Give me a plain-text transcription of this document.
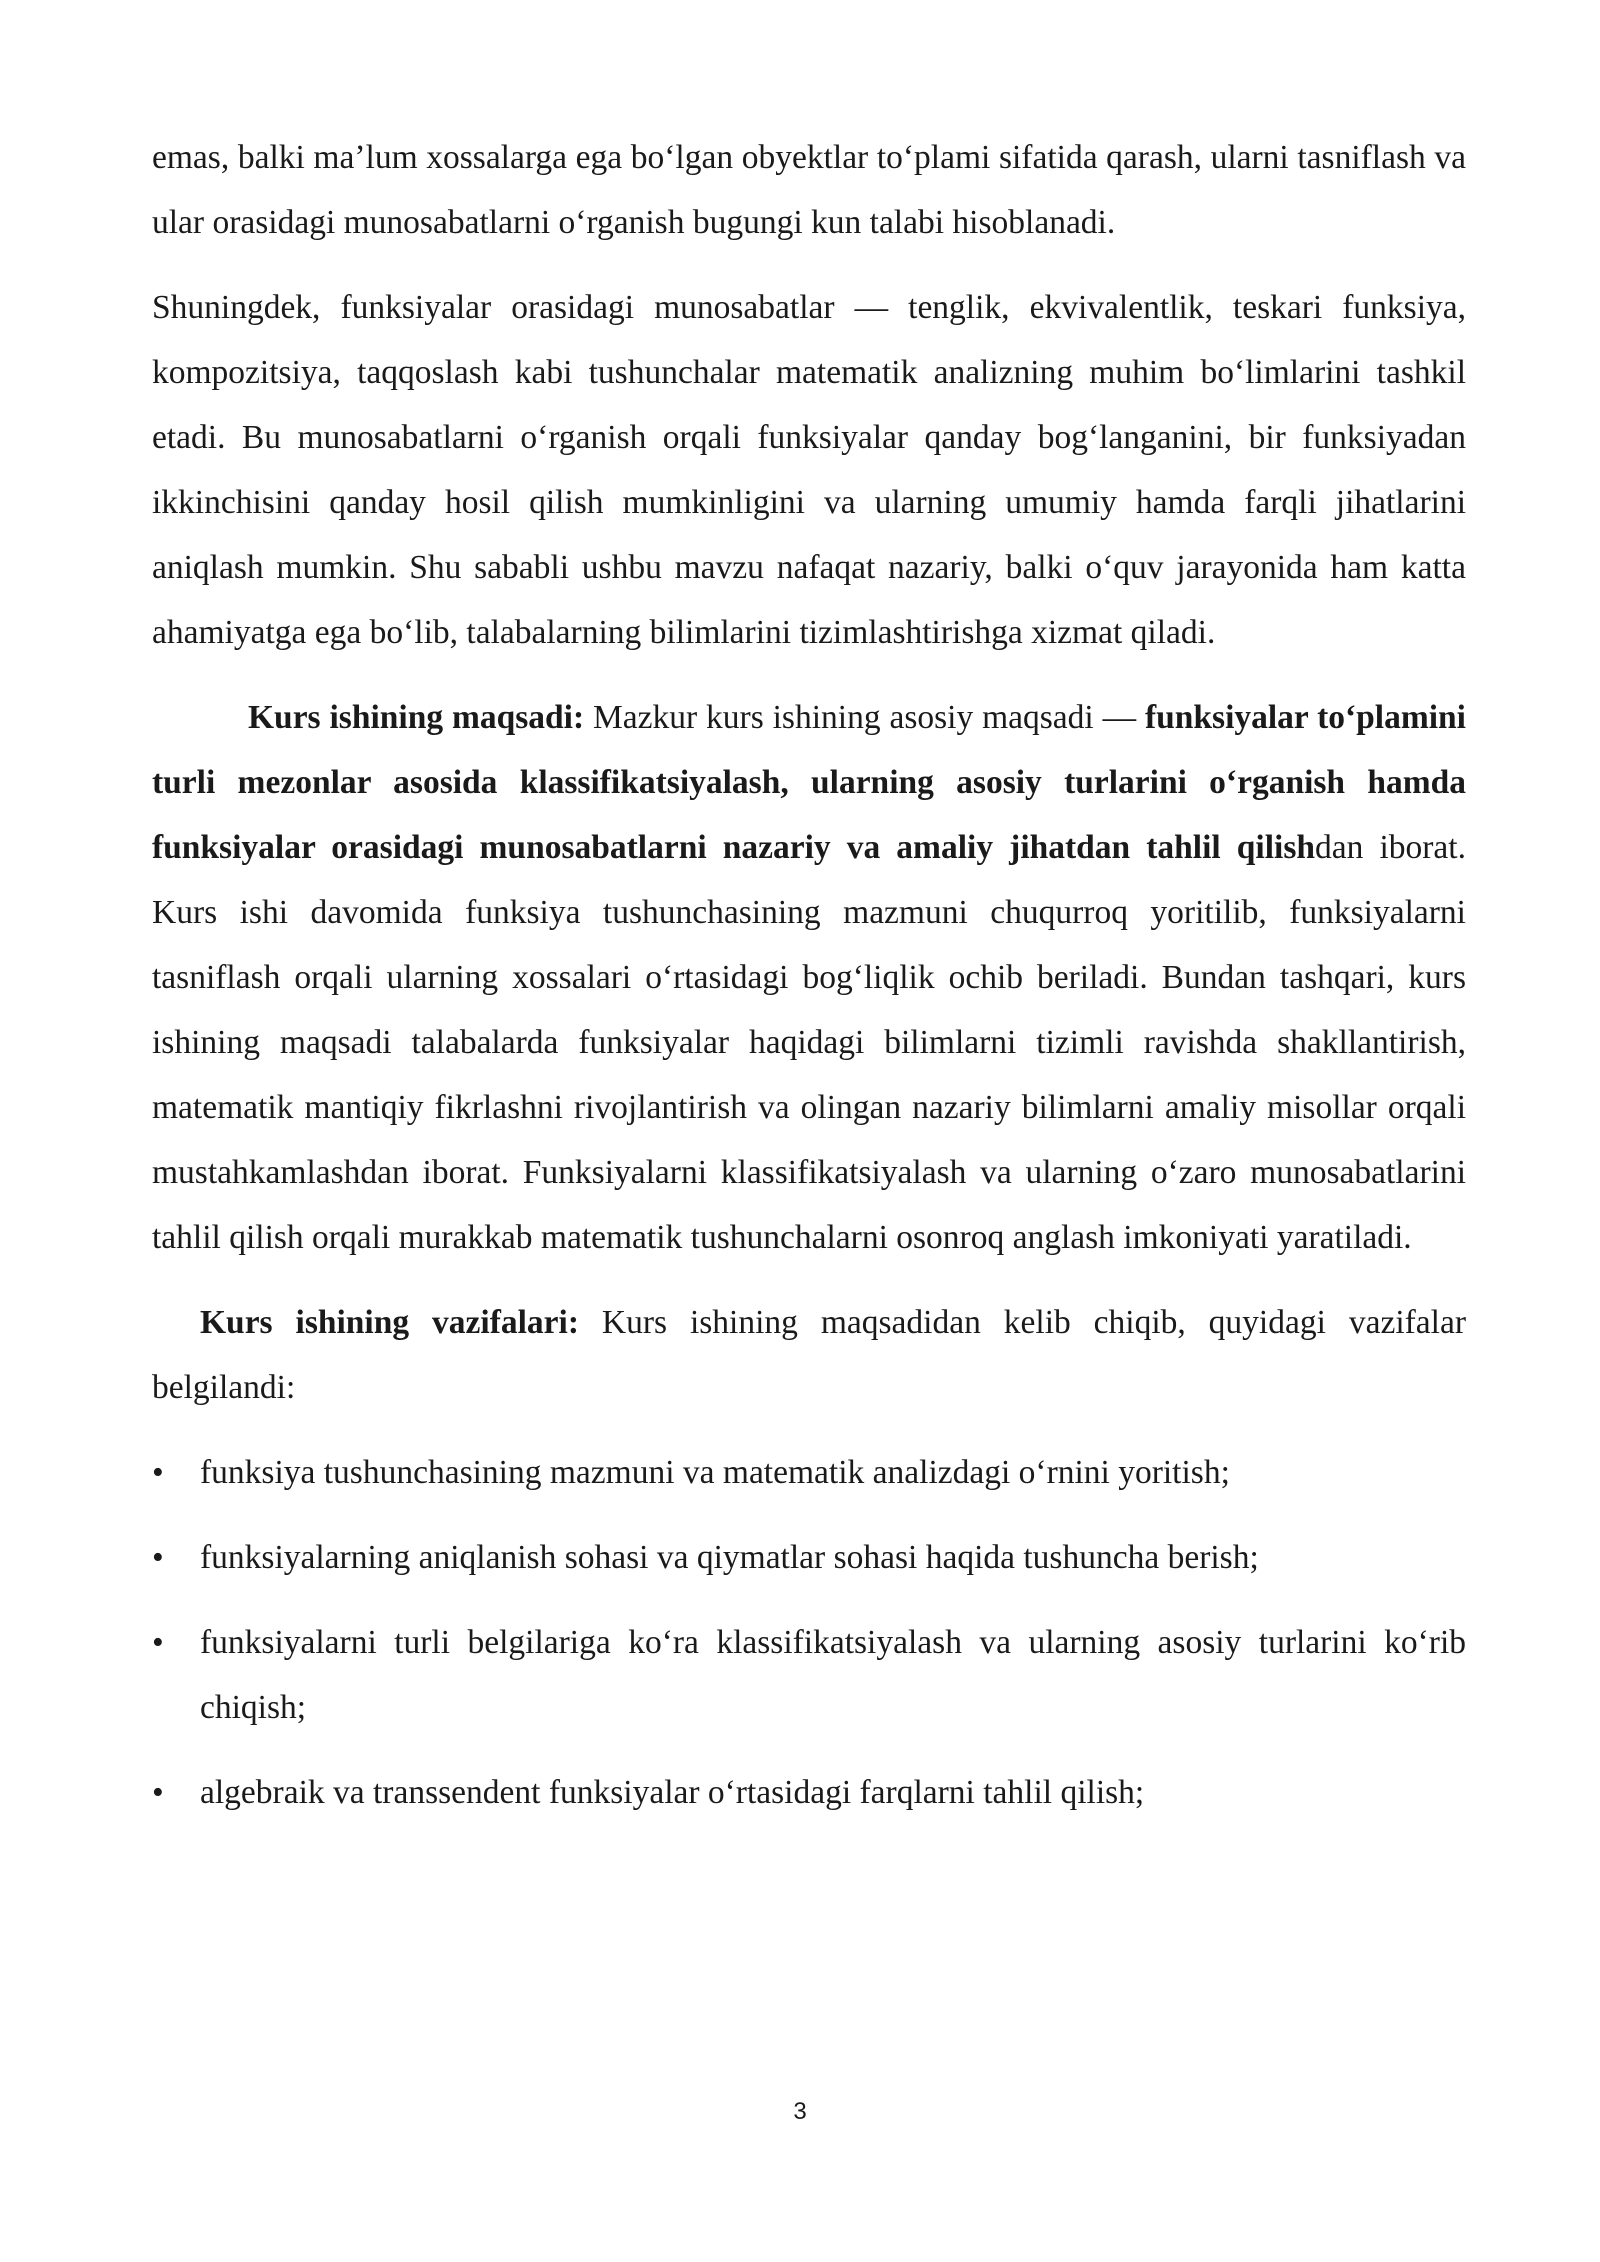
emas, balki maʼlum xossalarga ega boʻlgan obyektlar toʻplami sifatida qarash, ularni tasniflash va ular orasidagi munosabatlarni oʻrganish bugungi kun talabi hisoblanadi.

Shuningdek, funksiyalar orasidagi munosabatlar — tenglik, ekvivalentlik, teskari funksiya, kompozitsiya, taqqoslash kabi tushunchalar matematik analizning muhim boʻlimlarini tashkil etadi. Bu munosabatlarni oʻrganish orqali funksiyalar qanday bogʻlanganini, bir funksiyadan ikkinchisini qanday hosil qilish mumkinligini va ularning umumiy hamda farqli jihatlarini aniqlash mumkin. Shu sababli ushbu mavzu nafaqat nazariy, balki oʻquv jarayonida ham katta ahamiyatga ega boʻlib, talabalarning bilimlarini tizimlashtirishga xizmat qiladi.

Kurs ishining maqsadi: Mazkur kurs ishining asosiy maqsadi — funksiyalar toʻplamini turli mezonlar asosida klassifikatsiyalash, ularning asosiy turlarini oʻrganish hamda funksiyalar orasidagi munosabatlarni nazariy va amaliy jihatdan tahlil qilishdan iborat. Kurs ishi davomida funksiya tushunchasining mazmuni chuqurroq yoritilib, funksiyalarni tasniflash orqali ularning xossalari oʻrtasidagi bogʻliqlik ochib beriladi. Bundan tashqari, kurs ishining maqsadi talabalarda funksiyalar haqidagi bilimlarni tizimli ravishda shakllantirish, matematik mantiqiy fikrlashni rivojlantirish va olingan nazariy bilimlarni amaliy misollar orqali mustahkamlashdan iborat. Funksiyalarni klassifikatsiyalash va ularning oʻzaro munosabatlarini tahlil qilish orqali murakkab matematik tushunchalarni osonroq anglash imkoniyati yaratiladi.

Kurs ishining vazifalari: Kurs ishining maqsadidan kelib chiqib, quyidagi vazifalar belgilandi:

•	funksiya tushunchasining mazmuni va matematik analizdagi oʻrnini yoritish;
•	funksiyalarning aniqlanish sohasi va qiymatlar sohasi haqida tushuncha berish;
•	funksiyalarni turli belgilariga koʻra klassifikatsiyalash va ularning asosiy turlarini koʻrib chiqish;
•	algebraik va transsendent funksiyalar oʻrtasidagi farqlarni tahlil qilish;
3
